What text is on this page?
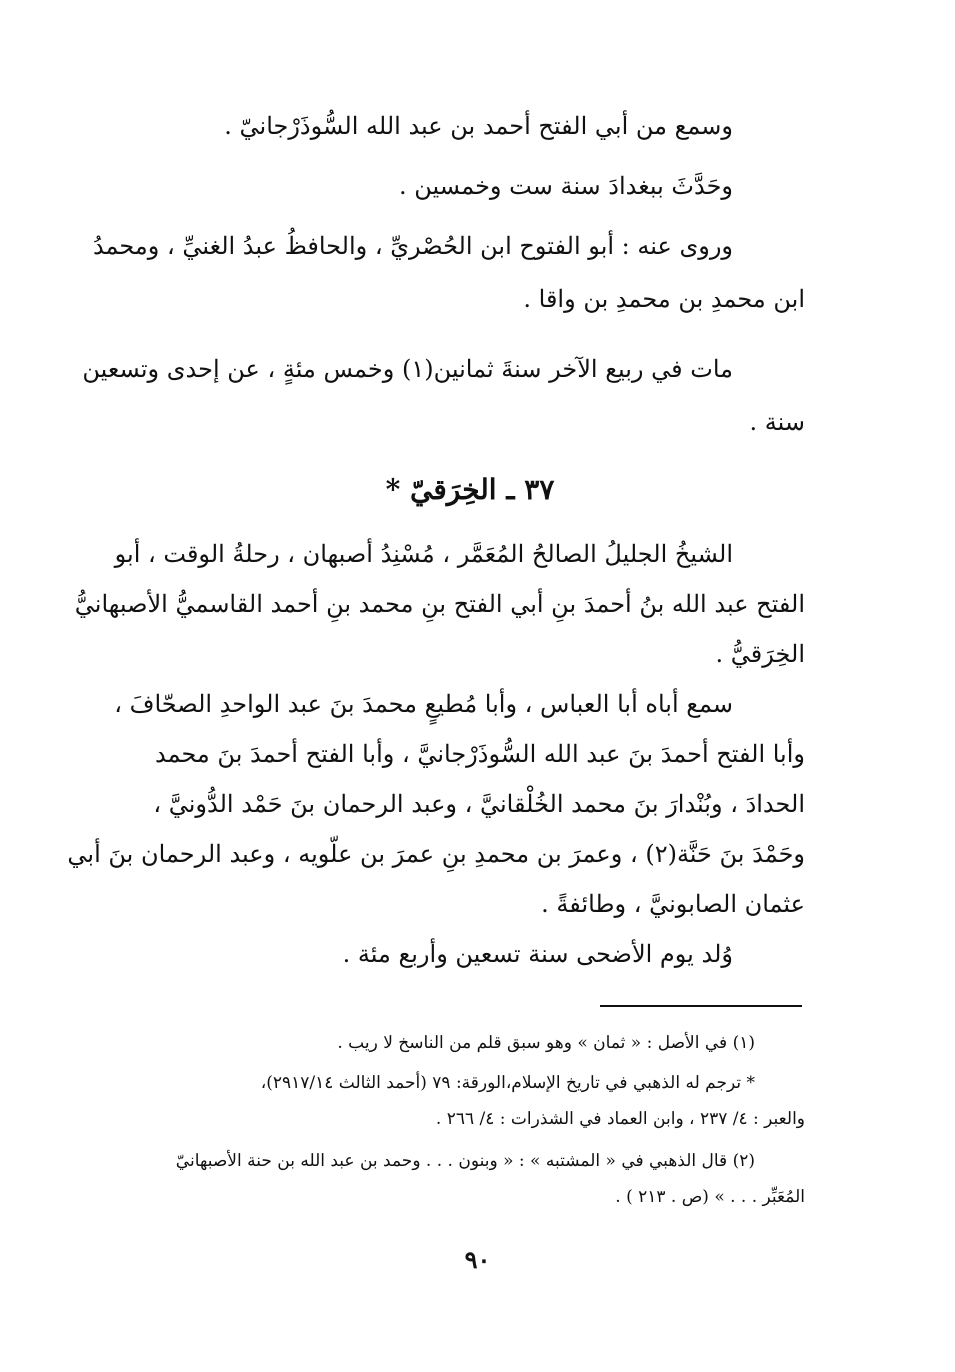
وسمع من أبي الفتح أحمد بن عبد الله السُّوذَرْجانيّ .
وحَدَّثَ ببغدادَ سنة ست وخمسين .
وروى عنه : أبو الفتوح ابن الحُصْريِّ ، والحافظُ عبدُ الغنيِّ ، ومحمدُ
ابن محمدِ بن محمدِ بن واقا .
مات في ربيع الآخر سنةَ ثمانين(١) وخمس مئةٍ ، عن إحدى وتسعين
سنة .
٣٧ ـ الخِرَقيّ *
الشيخُ الجليلُ الصالحُ المُعَمَّر ، مُسْنِدُ أصبهان ، رحلةُ الوقت ، أبو
الفتح عبد الله بنُ أحمدَ بنِ أبي الفتح بنِ محمد بنِ أحمد القاسميُّ الأصبهانيُّ
الخِرَقيُّ .
سمع أباه أبا العباس ، وأبا مُطيعٍ محمدَ بنَ عبد الواحدِ الصحّافَ ،
وأبا الفتح أحمدَ بنَ عبد الله السُّوذَرْجانيَّ ، وأبا الفتح أحمدَ بنَ محمد
الحدادَ ، وبُنْدارَ بنَ محمد الخُلْقانيَّ ، وعبد الرحمان بنَ حَمْد الدُّونيَّ ،
وحَمْدَ بنَ حَنَّة(٢) ، وعمرَ بن محمدِ بنِ عمرَ بن علّويه ، وعبد الرحمان بنَ أبي
عثمان الصابونيَّ ، وطائفةً .
وُلد يوم الأضحى سنة تسعين وأربع مئة .
(١) في الأصل : « ثمان » وهو سبق قلم من الناسخ لا ريب .
* ترجم له الذهبي في تاريخ الإسلام،الورقة: ٧٩ (أحمد الثالث ٢٩١٧/١٤)،
والعبر : ٤/ ٢٣٧ ، وابن العماد في الشذرات : ٤/ ٢٦٦ .
(٢) قال الذهبي في « المشتبه » : « وبنون . . . وحمد بن عبد الله بن حنة الأصبهانيّ
المُعَبِّر . . . » (ص . ٢١٣ ) .
٩٠
